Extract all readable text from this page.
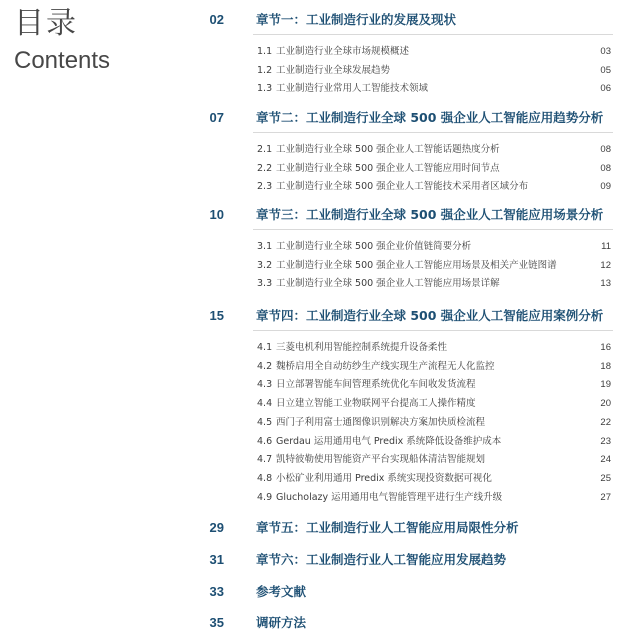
目录
Contents
02	章节一：工业制造行业的发展及现状
1.1 工业制造行业全球市场规模概述	03
1.2 工业制造行业全球发展趋势	05
1.3 工业制造行业常用人工智能技术领域	06
07	章节二：工业制造行业全球 500 强企业人工智能应用趋势分析
2.1 工业制造行业全球 500 强企业人工智能话题热度分析	08
2.2 工业制造行业全球 500 强企业人工智能应用时间节点	08
2.3 工业制造行业全球 500 强企业人工智能技术采用者区域分布	09
10	章节三：工业制造行业全球 500 强企业人工智能应用场景分析
3.1 工业制造行业全球 500 强企业价值链简要分析	11
3.2 工业制造行业全球 500 强企业人工智能应用场景及相关产业链图谱	12
3.3 工业制造行业全球 500 强企业人工智能应用场景详解	13
15	章节四：工业制造行业全球 500 强企业人工智能应用案例分析
4.1 三菱电机利用智能控制系统提升设备柔性	16
4.2 魏桥启用全自动纺纱生产线实现生产流程无人化监控	18
4.3 日立部署智能车间管理系统优化车间收发货流程	19
4.4 日立建立智能工业物联网平台提高工人操作精度	20
4.5 西门子利用富士通图像识别解决方案加快质检流程	22
4.6 Gerdau 运用通用电气 Predix 系统降低设备维护成本	23
4.7 凯特彼勒使用智能资产平台实现船体清洁智能规划	24
4.8 小松矿业利用通用 Predix 系统实现投资数据可视化	25
4.9 Glucholazy 运用通用电气智能管理平进行生产线升级	27
29	章节五：工业制造行业人工智能应用局限性分析
31	章节六：工业制造行业人工智能应用发展趋势
33	参考文献
35	调研方法
